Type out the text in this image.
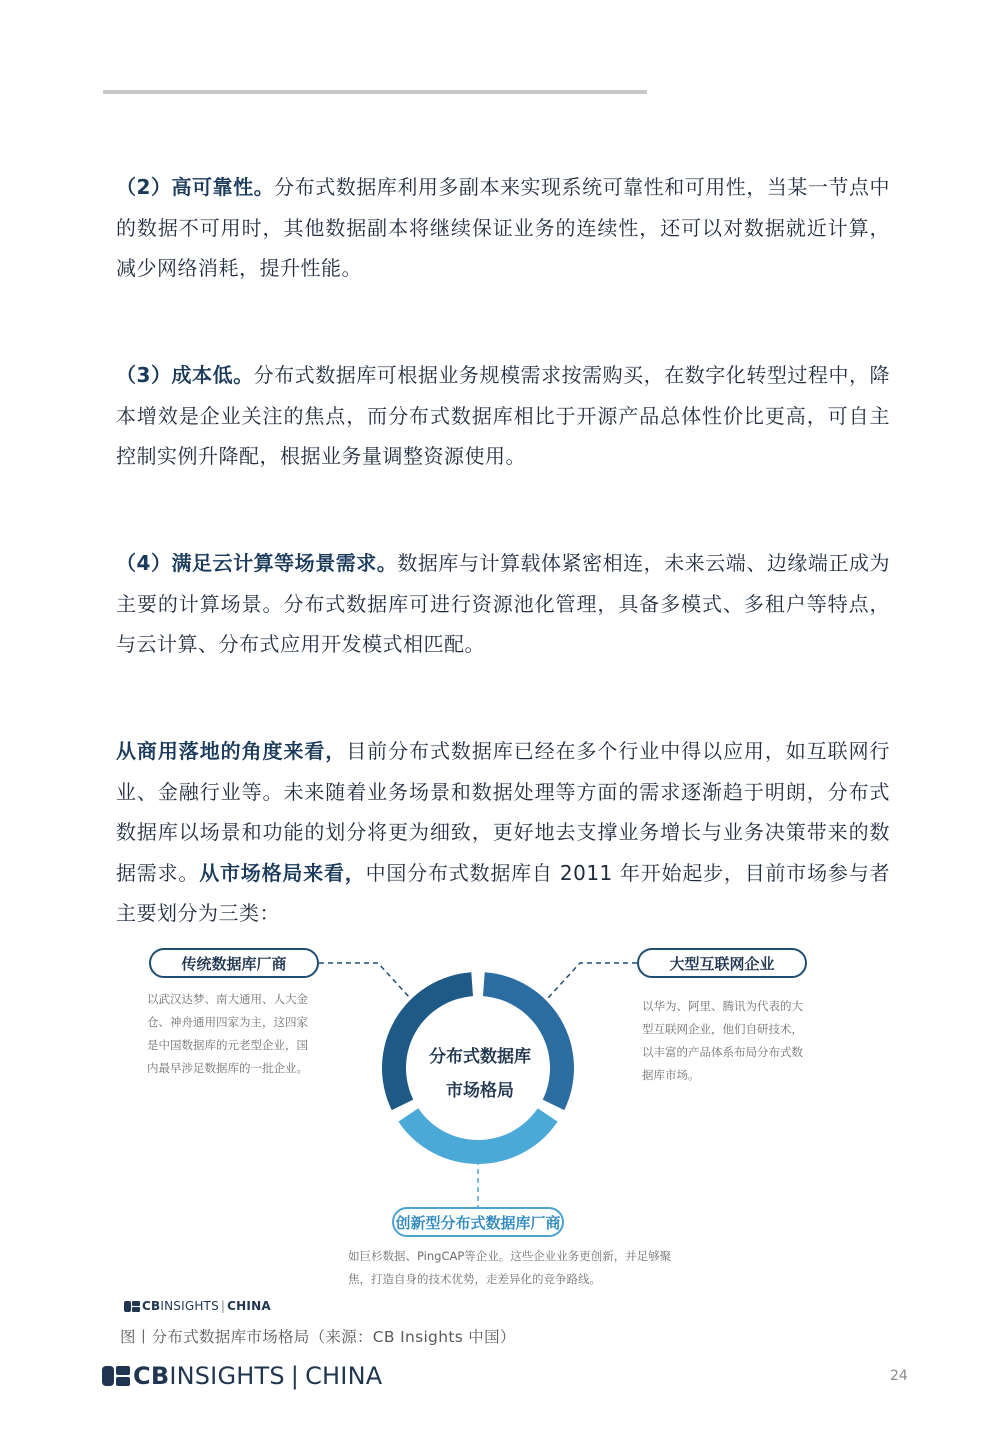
（2）高可靠性。分布式数据库利用多副本来实现系统可靠性和可用性，当某一节点中的数据不可用时，其他数据副本将继续保证业务的连续性，还可以对数据就近计算，减少网络消耗，提升性能。

（3）成本低。分布式数据库可根据业务规模需求按需购买，在数字化转型过程中，降本增效是企业关注的焦点，而分布式数据库相比于开源产品总体性价比更高，可自主控制实例升降配，根据业务量调整资源使用。

（4）满足云计算等场景需求。数据库与计算载体紧密相连，未来云端、边缘端正成为主要的计算场景。分布式数据库可进行资源池化管理，具备多模式、多租户等特点，与云计算、分布式应用开发模式相匹配。

从商用落地的角度来看，目前分布式数据库已经在多个行业中得以应用，如互联网行业、金融行业等。未来随着业务场景和数据处理等方面的需求逐渐趋于明朗，分布式数据库以场景和功能的划分将更为细致，更好地去支撑业务增长与业务决策带来的数据需求。从市场格局来看，中国分布式数据库自 2011 年开始起步，目前市场参与者主要划分为三类：

分布式数据库
市场格局
传统数据库厂商

以武汉达梦、南大通用、人大金仓、神舟通用四家为主，这四家是中国数据库的元老型企业，国内最早涉足数据库的一批企业。

大型互联网企业

以华为、阿里、腾讯为代表的大型互联网企业，他们自研技术，以丰富的产品体系布局分布式数据库市场。

创新型分布式数据库厂商

如巨杉数据、PingCAP等企业。这些企业业务更创新，并足够聚焦，打造自身的技术优势，走差异化的竞争路线。

CB INSIGHTS | CHINA

图丨分布式数据库市场格局（来源：CB Insights 中国）

CBINSIGHTS | CHINA	24
